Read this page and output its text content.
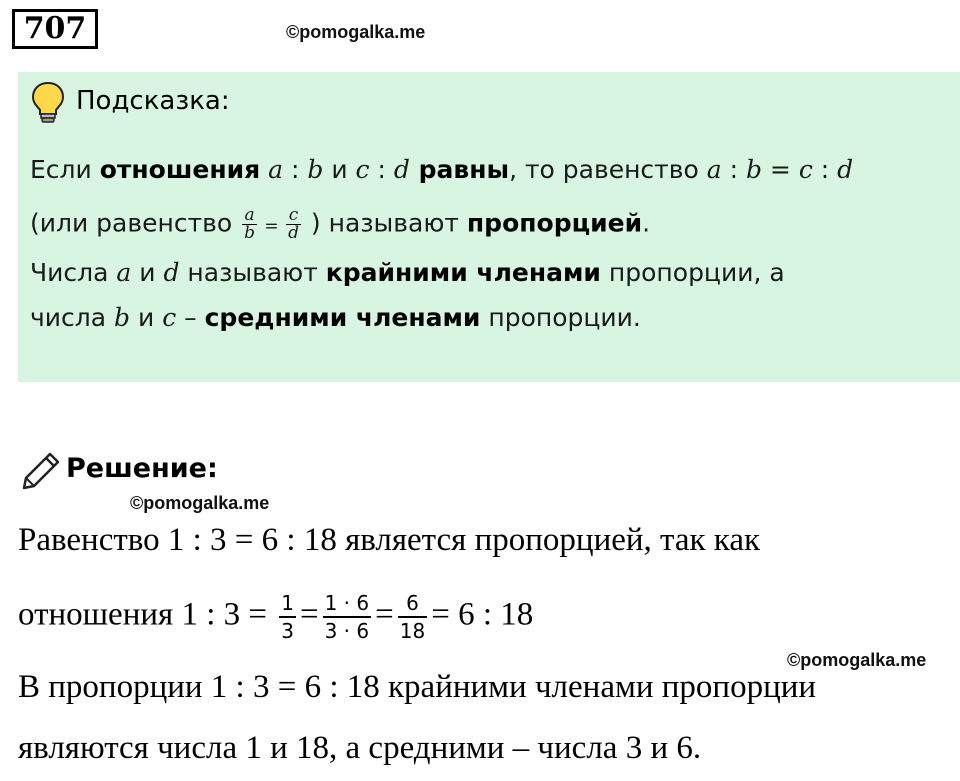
707	©pomogalka.me
Подсказка:
Если отношения a : b и c : d равны, то равенство a : b = c : d
(или равенство $\frac{a}{b} = \frac{c}{d}$ ) называют пропорцией.
Числа a и d называют крайними членами пропорции, а
числа b и c – средними членами пропорции.
Решение:
©pomogalka.me
Равенство 1 : 3 = 6 : 18 является пропорцией, так как
отношения 1 : $3 = \frac{1}{3} = \frac{1 \cdot 6}{3 \cdot 6} = \frac{6}{18} = 6$ : 18
©pomogalka.me
В пропорции 1 : 3 = 6 : 18 крайними членами пропорции
являются числа 1 и 18, а средними – числа 3 и 6.
